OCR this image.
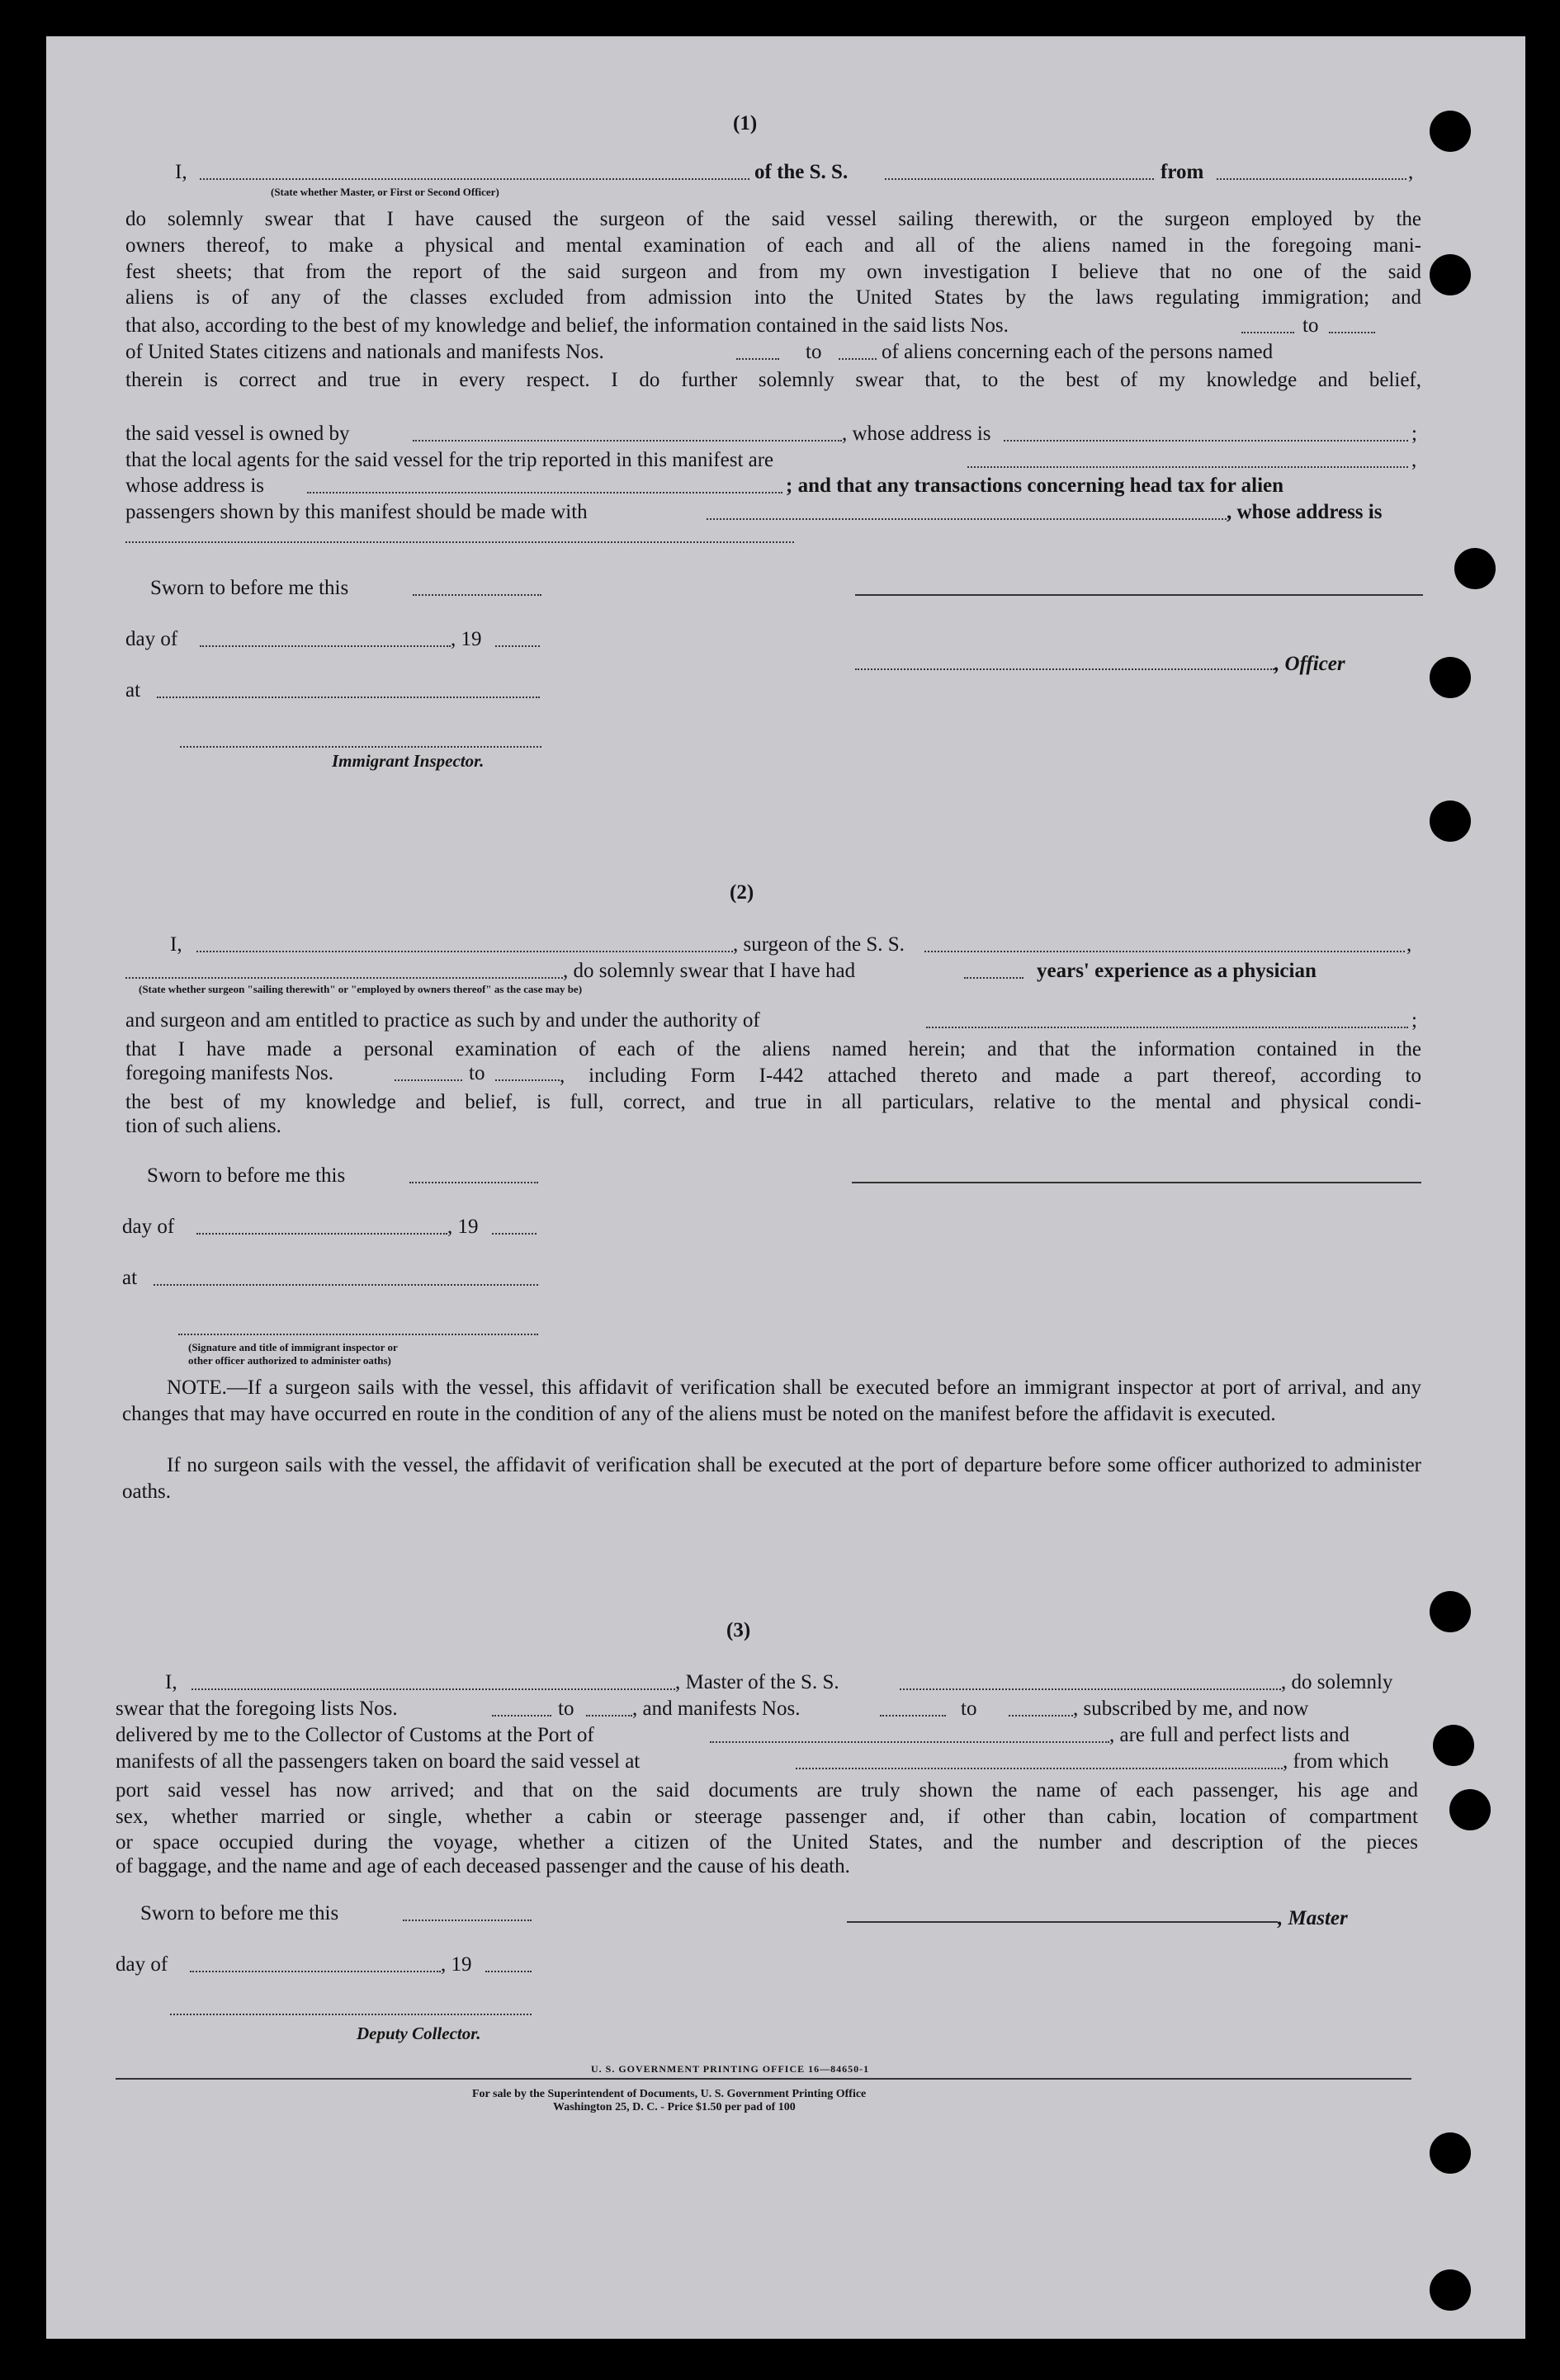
(1)
I,	of the S. S.	from	,
(State whether Master, or First or Second Officer)
do solemnly swear that I have caused the surgeon of the said vessel sailing therewith, or the surgeon employed by the
owners thereof, to make a physical and mental examination of each and all of the aliens named in the foregoing mani-
fest sheets; that from the report of the said surgeon and from my own investigation I believe that no one of the said
aliens is of any of the classes excluded from admission into the United States by the laws regulating immigration; and
that also, according to the best of my knowledge and belief, the information contained in the said lists Nos.	to
of United States citizens and nationals and manifests Nos.	to	of aliens concerning each of the persons named
therein is correct and true in every respect. I do further solemnly swear that, to the best of my knowledge and belief,
the said vessel is owned by	, whose address is	;
that the local agents for the said vessel for the trip reported in this manifest are	,
whose address is	; and that any transactions concerning head tax for alien
passengers shown by this manifest should be made with	, whose address is
Sworn to before me this
day of	, 19
, Officer
at
Immigrant Inspector.
(2)
I,	, surgeon of the S. S.	,
, do solemnly swear that I have had	years' experience as a physician
(State whether surgeon "sailing therewith" or "employed by owners thereof" as the case may be)
and surgeon and am entitled to practice as such by and under the authority of	;
that I have made a personal examination of each of the aliens named herein; and that the information contained in the
foregoing manifests Nos.	to	, including Form I-442 attached thereto and made a part thereof, according to
the best of my knowledge and belief, is full, correct, and true in all particulars, relative to the mental and physical condi-
tion of such aliens.
Sworn to before me this
day of	, 19
at
(Signature and title of immigrant inspector or
other officer authorized to administer oaths)
NOTE.—If a surgeon sails with the vessel, this affidavit of verification shall be executed before an immigrant inspector at port of arrival, and any changes that may have occurred en route in the condition of any of the aliens must be noted on the manifest before the affidavit is executed.
If no surgeon sails with the vessel, the affidavit of verification shall be executed at the port of departure before some officer authorized to administer oaths.
(3)
I,	, Master of the S. S.	, do solemnly
swear that the foregoing lists Nos.	to	, and manifests Nos.	to	, subscribed by me, and now
delivered by me to the Collector of Customs at the Port of	, are full and perfect lists and
manifests of all the passengers taken on board the said vessel at	, from which
port said vessel has now arrived; and that on the said documents are truly shown the name of each passenger, his age and
sex, whether married or single, whether a cabin or steerage passenger and, if other than cabin, location of compartment
or space occupied during the voyage, whether a citizen of the United States, and the number and description of the pieces
of baggage, and the name and age of each deceased passenger and the cause of his death.
Sworn to before me this	, Master
day of	, 19
Deputy Collector.
U. S. GOVERNMENT PRINTING OFFICE 16—84650-1
For sale by the Superintendent of Documents, U. S. Government Printing Office
Washington 25, D. C. - Price $1.50 per pad of 100
